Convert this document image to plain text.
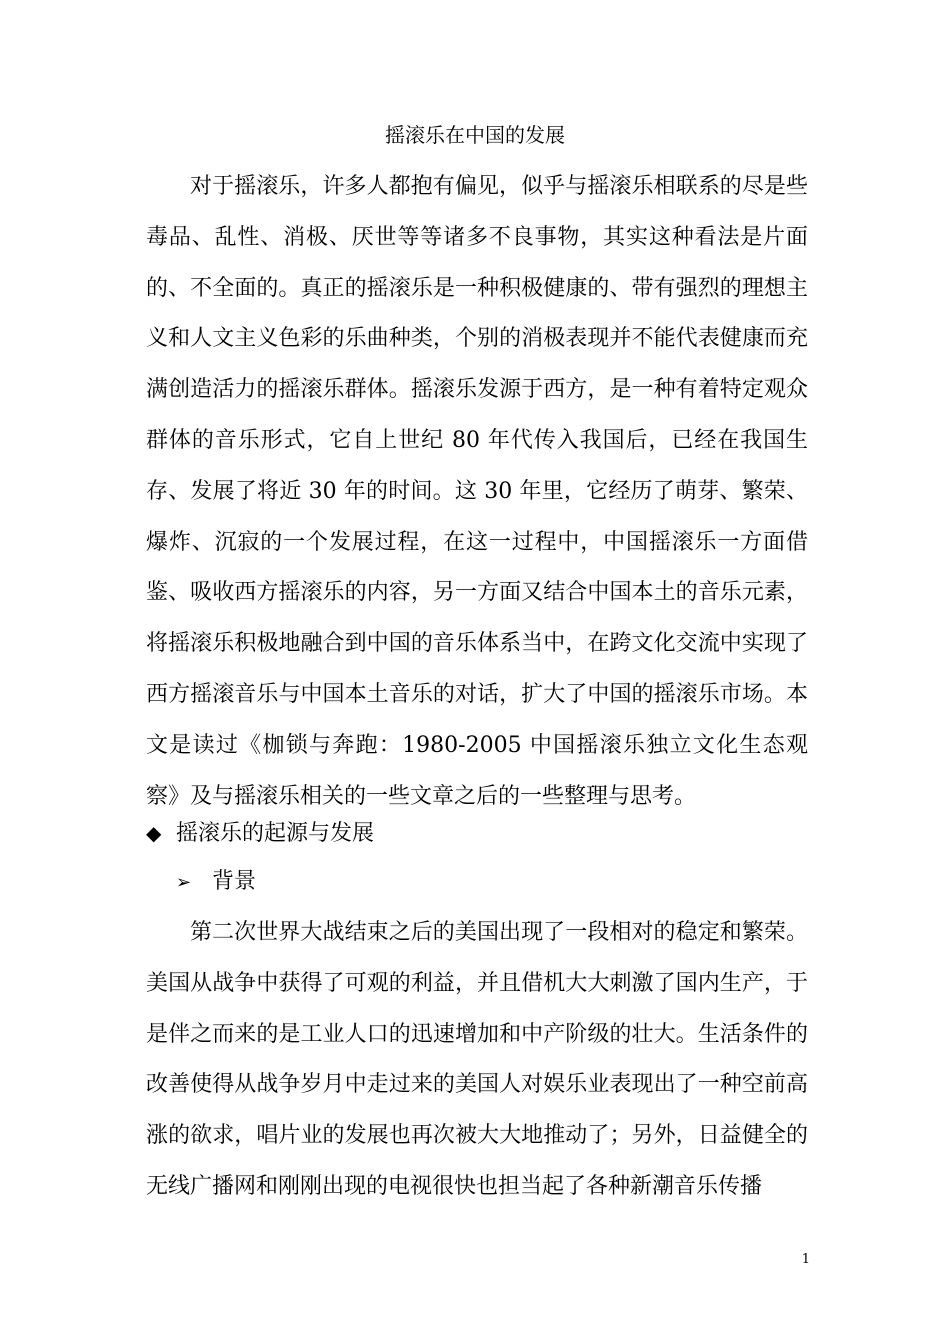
摇滚乐在中国的发展

对于摇滚乐，许多人都抱有偏见，似乎与摇滚乐相联系的尽是些毒品、乱性、消极、厌世等等诸多不良事物，其实这种看法是片面的、不全面的。真正的摇滚乐是一种积极健康的、带有强烈的理想主义和人文主义色彩的乐曲种类，个别的消极表现并不能代表健康而充满创造活力的摇滚乐群体。摇滚乐发源于西方，是一种有着特定观众群体的音乐形式，它自上世纪 80 年代传入我国后，已经在我国生存、发展了将近 30 年的时间。这 30 年里，它经历了萌芽、繁荣、爆炸、沉寂的一个发展过程，在这一过程中，中国摇滚乐一方面借鉴、吸收西方摇滚乐的内容，另一方面又结合中国本土的音乐元素，将摇滚乐积极地融合到中国的音乐体系当中，在跨文化交流中实现了西方摇滚音乐与中国本土音乐的对话，扩大了中国的摇滚乐市场。本文是读过《枷锁与奔跑：1980-2005 中国摇滚乐独立文化生态观察》及与摇滚乐相关的一些文章之后的一些整理与思考。

◆ 摇滚乐的起源与发展
➢ 背景

第二次世界大战结束之后的美国出现了一段相对的稳定和繁荣。美国从战争中获得了可观的利益，并且借机大大刺激了国内生产，于是伴之而来的是工业人口的迅速增加和中产阶级的壮大。生活条件的改善使得从战争岁月中走过来的美国人对娱乐业表现出了一种空前高涨的欲求，唱片业的发展也再次被大大地推动了；另外，日益健全的无线广播网和刚刚出现的电视很快也担当起了各种新潮音乐传播

1
